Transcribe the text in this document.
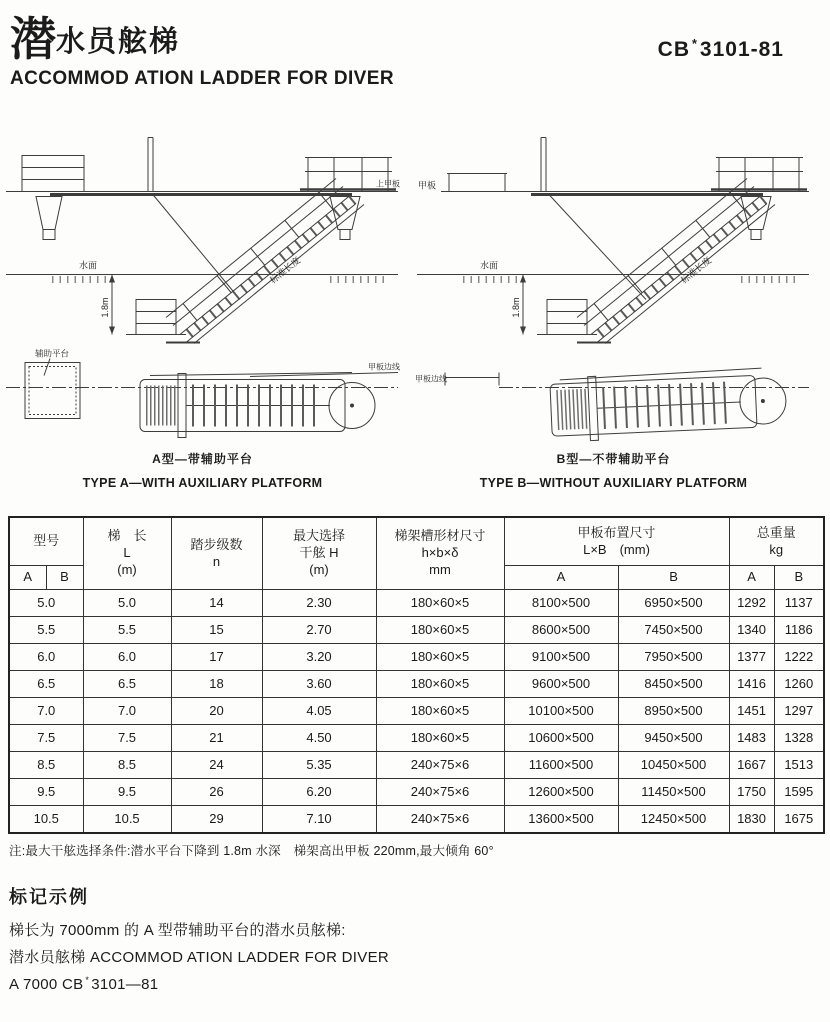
潜水员舷梯	CB *3101-81
ACCOMMOD ATION LADDER FOR DIVER
水面
上甲板
1.8m
标准长度
辅助平台
甲板边线
A型—带辅助平台
TYPE A—WITH AUXILIARY PLATFORM
甲板
水面
1.8m
标准长度
甲板边线
B型—不带辅助平台
TYPE B—WITHOUT AUXILIARY PLATFORM
型号	梯　长
L
(m)

踏步级数
n

最大选择
干舷 H
(m)

梯架槽形材尺寸
h×b×δ
mm

甲板布置尺寸
L×B　(mm)

总重量
kg

A	B					A	B	A	B
5.0		5.0	14	2.30	180×60×5	8100×500	6950×500	1292	1137
5.5		5.5	15	2.70	180×60×5	8600×500	7450×500	1340	1186
6.0		6.0	17	3.20	180×60×5	9100×500	7950×500	1377	1222
6.5		6.5	18	3.60	180×60×5	9600×500	8450×500	1416	1260
7.0		7.0	20	4.05	180×60×5	10100×500	8950×500	1451	1297
7.5		7.5	21	4.50	180×60×5	10600×500	9450×500	1483	1328
8.5		8.5	24	5.35	240×75×6	11600×500	10450×500	1667	1513
9.5		9.5	26	6.20	240×75×6	12600×500	11450×500	1750	1595
10.5		10.5	29	7.10	240×75×6	13600×500	12450×500	1830	1675
注:最大干舷选择条件:潜水平台下降到 1.8m 水深　梯架高出甲板 220mm,最大倾角 60°
标记示例

梯长为 7000mm 的 A 型带辅助平台的潜水员舷梯:

潜水员舷梯 ACCOMMOD ATION LADDER FOR DIVER

A 7000 CB * 3101—81
